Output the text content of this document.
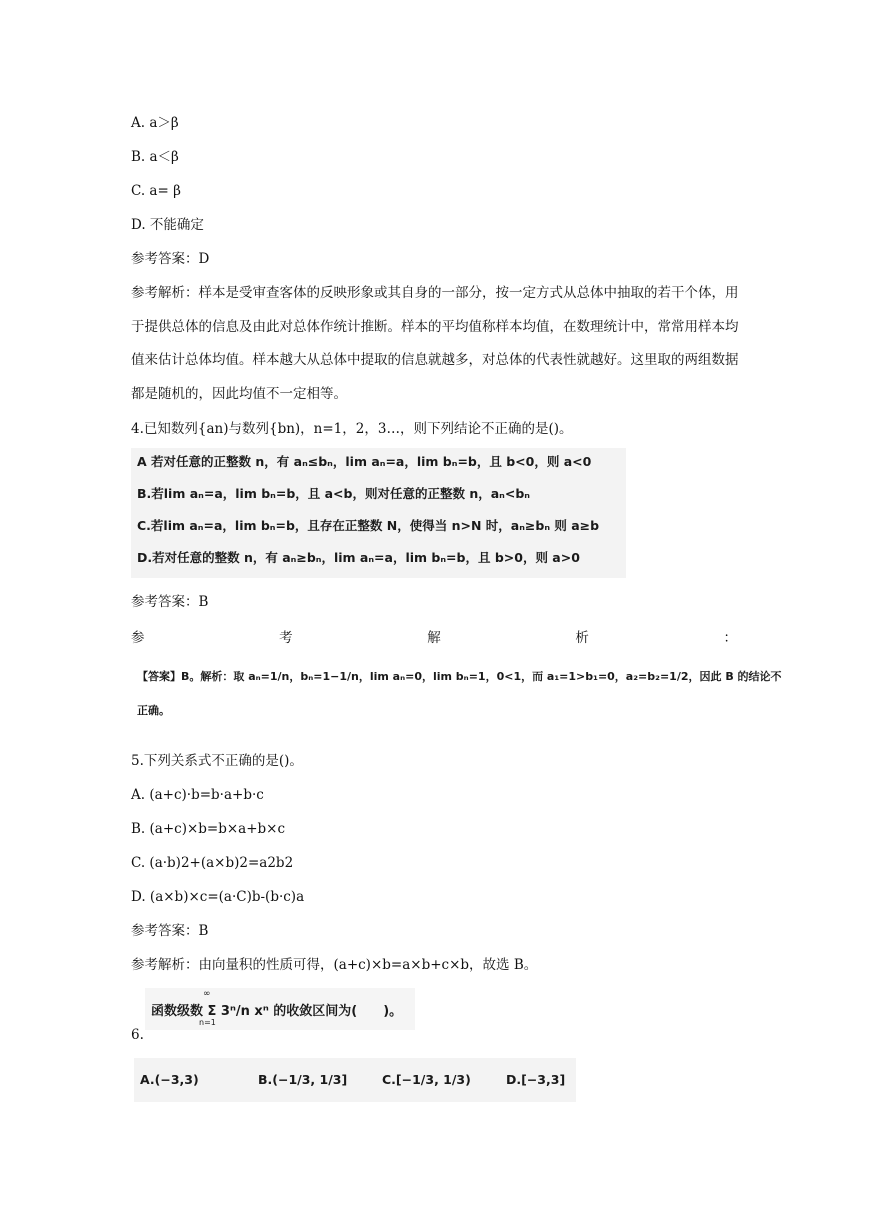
A. a＞β
B. a＜β
C. a= β
D. 不能确定
参考答案：D
参考解析：样本是受审查客体的反映形象或其自身的一部分，按一定方式从总体中抽取的若干个体，用于提供总体的信息及由此对总体作统计推断。样本的平均值称样本均值，在数理统计中，常常用样本均值来估计总体均值。样本越大从总体中提取的信息就越多，对总体的代表性就越好。这里取的两组数据都是随机的，因此均值不一定相等。
4.已知数列{an)与数列{bn)，n=1，2，3…，则下列结论不正确的是()。
A 若对任意的正整数 n，有 aₙ≤bₙ，lim aₙ=a，lim bₙ=b，且 b<0，则 a<0
B.若lim aₙ=a，lim bₙ=b，且 a<b，则对任意的正整数 n，aₙ<bₙ
C.若lim aₙ=a，lim bₙ=b，且存在正整数 N，使得当 n>N 时，aₙ≥bₙ 则 a≥b
D.若对任意的整数 n，有 aₙ≥bₙ，lim aₙ=a，lim bₙ=b，且 b>0，则 a>0
参考答案：B
参	考	解	析	：
【答案】B。解析：取 aₙ=1/n，bₙ=1−1/n，lim aₙ=0，lim bₙ=1，0<1，而 a₁=1>b₁=0，a₂=b₂=1/2，因此 B 的结论不
正确。
5.下列关系式不正确的是()。
A. (a+c)·b=b·a+b·c
B. (a+c)×b=b×a+b×c
C. (a·b)2+(a×b)2=a2b2
D. (a×b)×c=(a·C)b-(b·c)a
参考答案：B
参考解析：由向量积的性质可得，(a+c)×b=a×b+c×b，故选 B。
∞
n=1
函数级数 Σ 3ⁿ/n xⁿ 的收敛区间为(　　)。
6.
A.(−3,3)	B.(−1/3, 1/3]	C.[−1/3, 1/3)	D.[−3,3]
